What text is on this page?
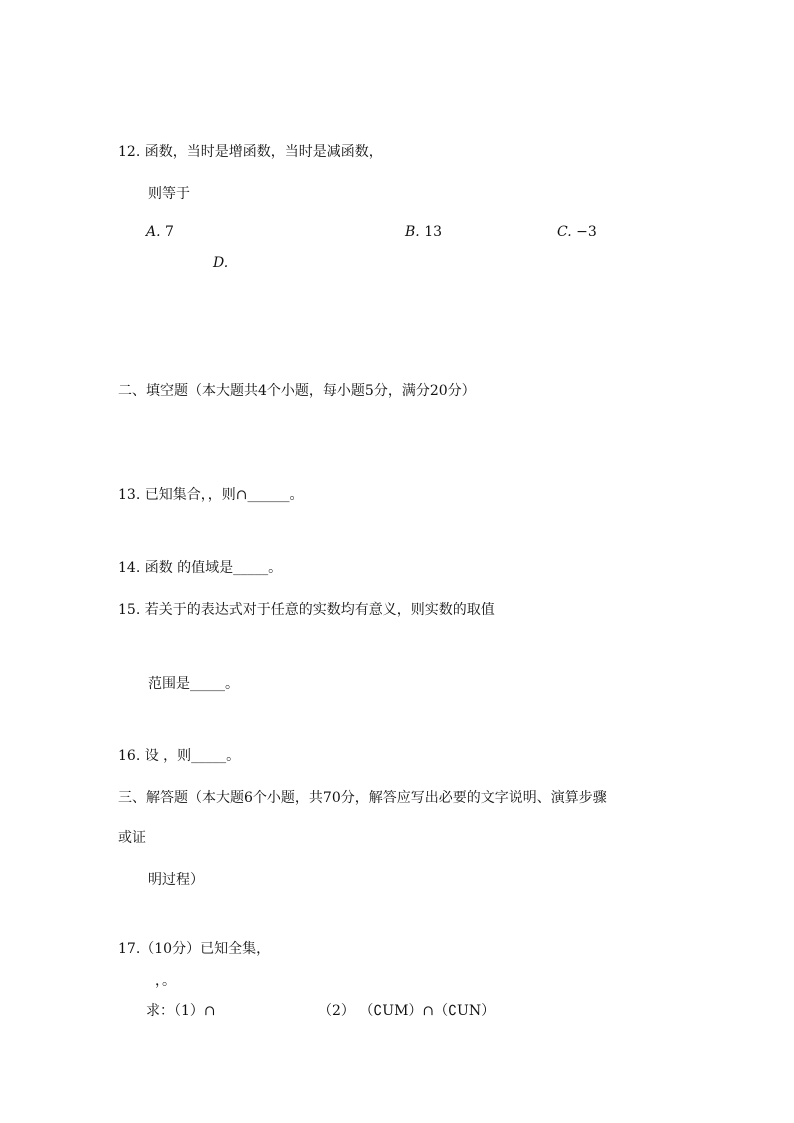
12. 函数，当时是增函数，当时是减函数，
则等于
A. 7	B. 13	C. −3
D.
二、填空题（本大题共4个小题，每小题5分，满分20分）
13. 已知集合，，则∩______。
14. 函数 的值域是_____。
15. 若关于的表达式对于任意的实数均有意义，则实数的取值
范围是_____。
16. 设 ，则_____。
三、解答题（本大题6个小题，共70分，解答应写出必要的文字说明、演算步骤
或证
明过程）
17.（10分）已知全集，
，。
求：（1）∩	（2） （∁UM）∩（∁UN）
